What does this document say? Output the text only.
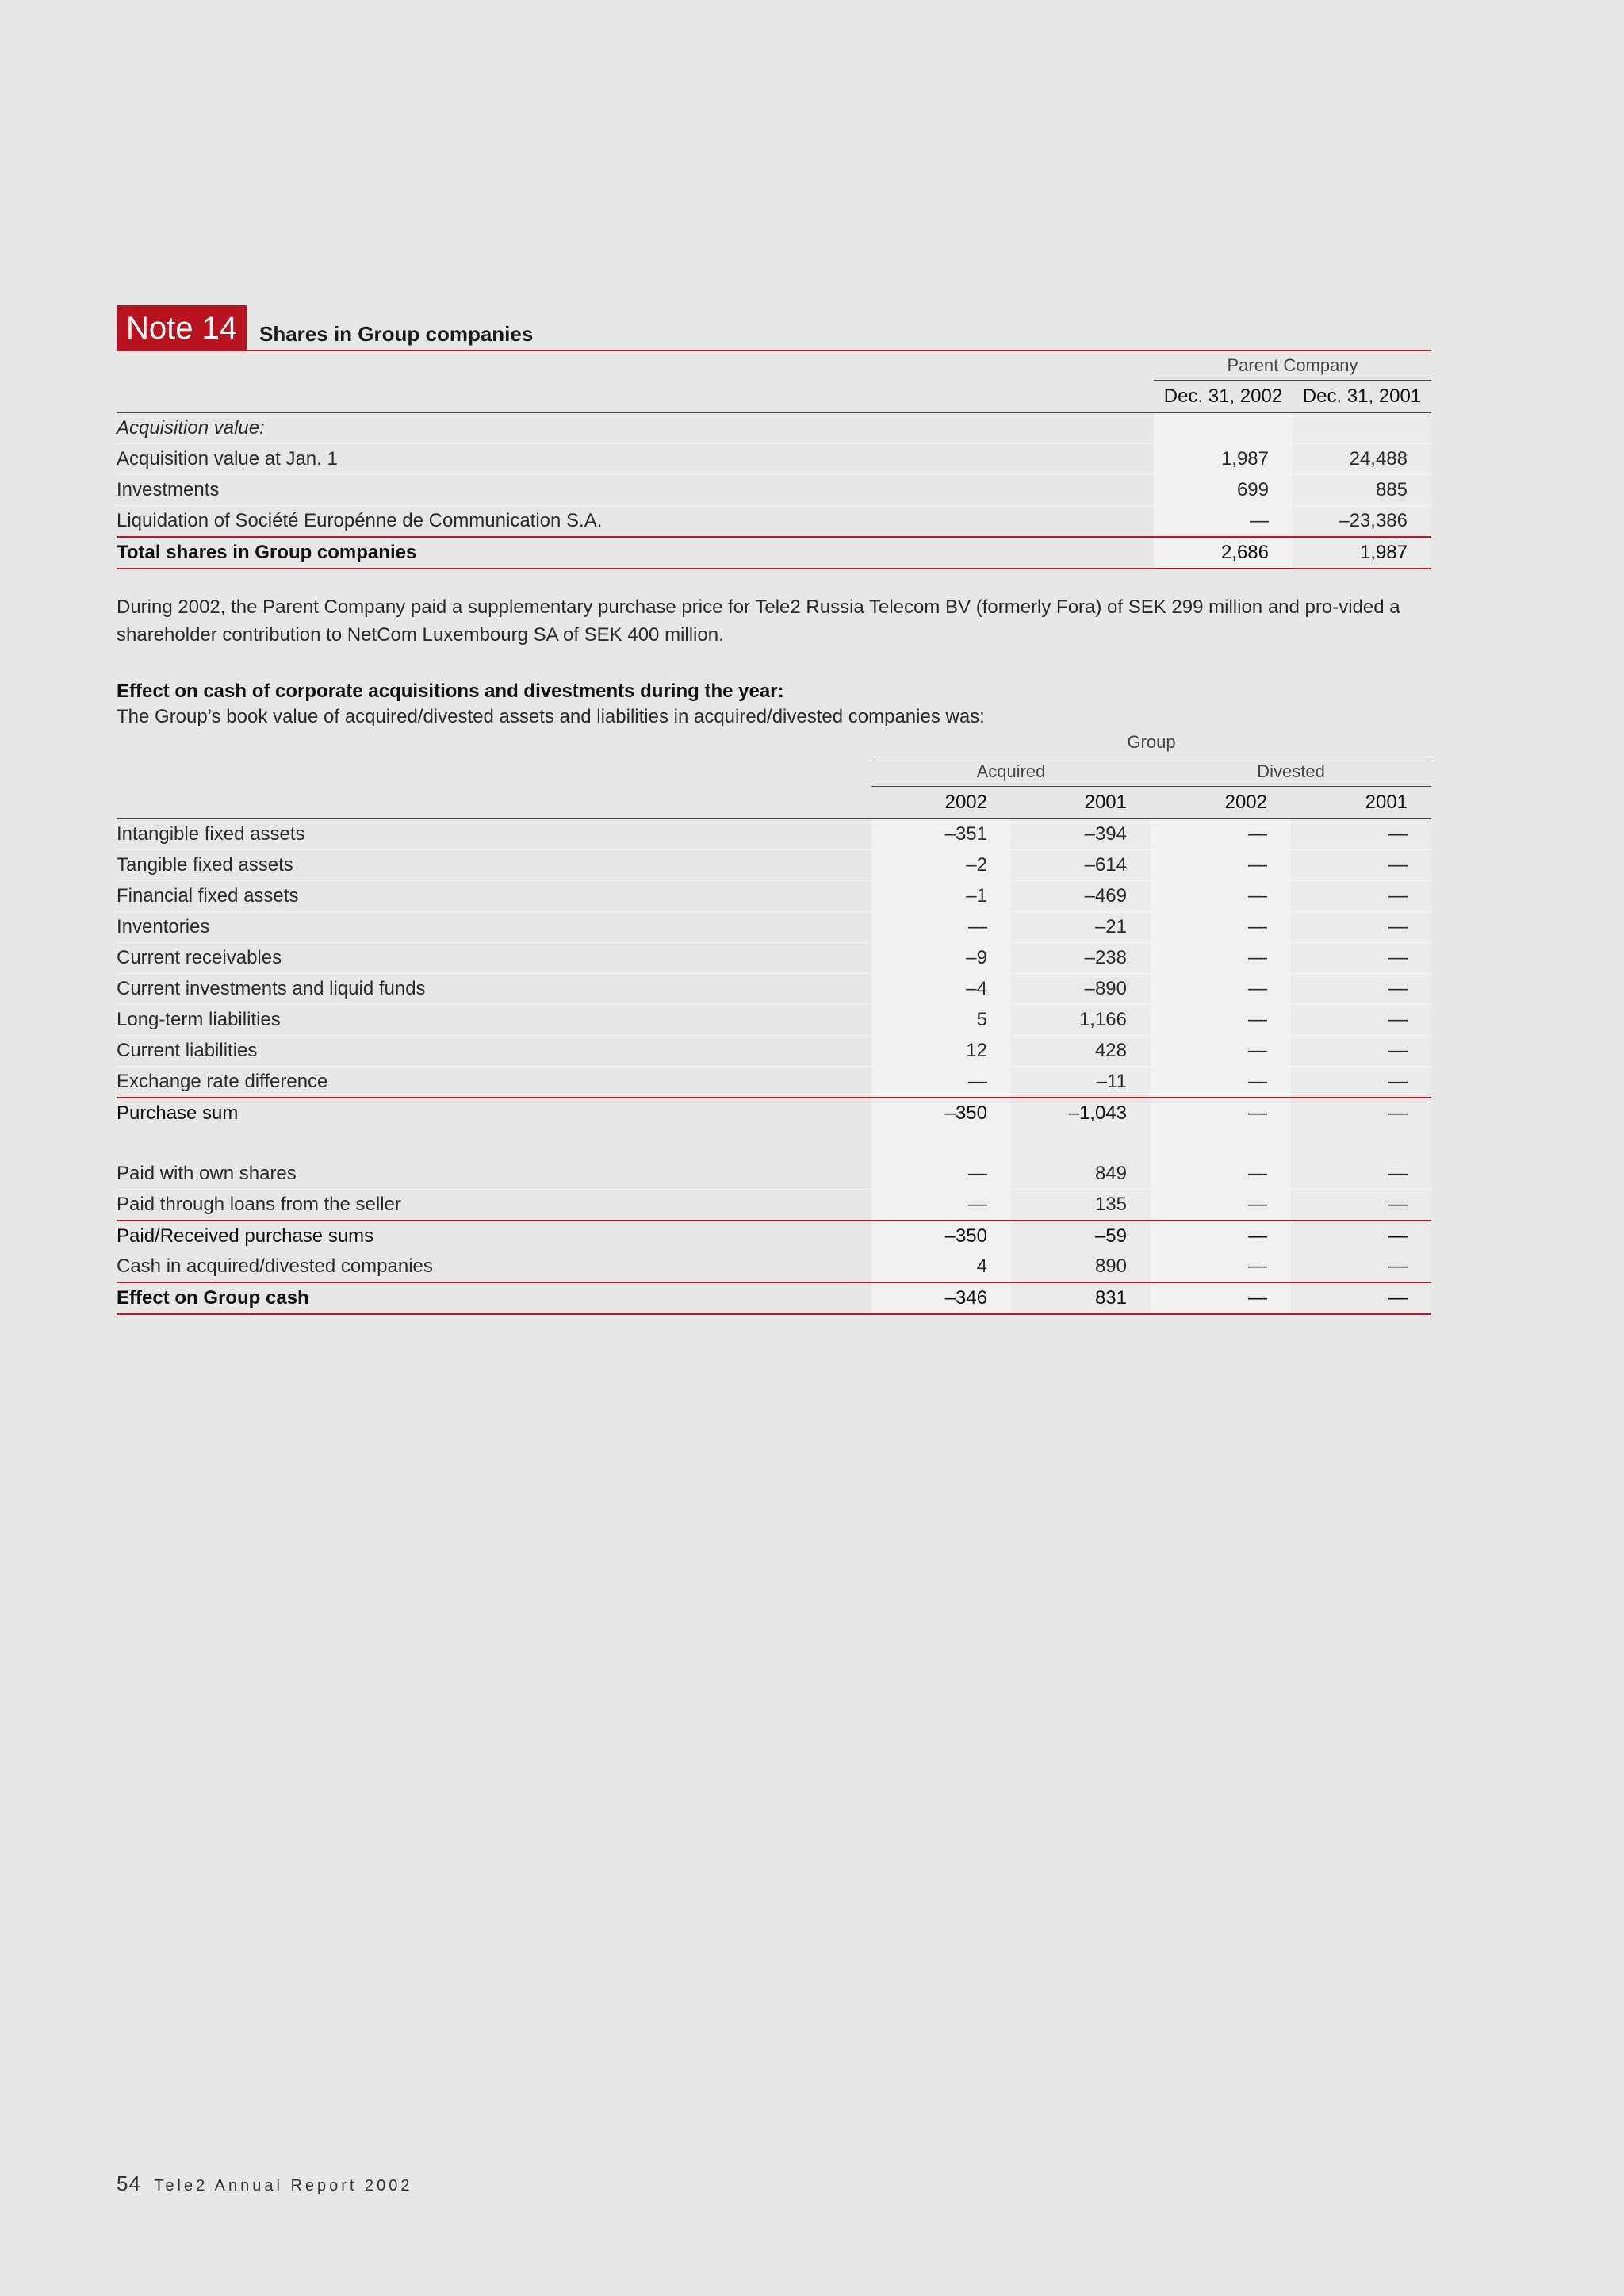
Note 14	Shares in Group companies
	Parent Company	
	Dec. 31, 2002	Dec. 31, 2001
Acquisition value:		
Acquisition value at Jan. 1	1,987	24,488
Investments	699	885
Liquidation of Société Europénne de Communication S.A.	—	–23,386
Total shares in Group companies	2,686	1,987

During 2002, the Parent Company paid a supplementary purchase price for Tele2 Russia Telecom BV (formerly Fora) of SEK 299 million and pro-vided a shareholder contribution to NetCom Luxembourg SA of SEK 400 million.

Effect on cash of corporate acquisitions and divestments during the year:
The Group’s book value of acquired/divested assets and liabilities in acquired/divested companies was:
	Group			
	Acquired		Divested	
	2002	2001	2002	2001
Intangible fixed assets	–351	–394	—	—
Tangible fixed assets	–2	–614	—	—
Financial fixed assets	–1	–469	—	—
Inventories	—	–21	—	—
Current receivables	–9	–238	—	—
Current investments and liquid funds	–4	–890	—	—
Long-term liabilities	5	1,166	—	—
Current liabilities	12	428	—	—
Exchange rate difference	—	–11	—	—
Purchase sum	–350	–1,043	—	—

Paid with own shares	—	849	—	—
Paid through loans from the seller	—	135	—	—
Paid/Received purchase sums	–350	–59	—	—
Cash in acquired/divested companies	4	890	—	—
Effect on Group cash	–346	831	—	—
54 Tele2 Annual Report 2002
